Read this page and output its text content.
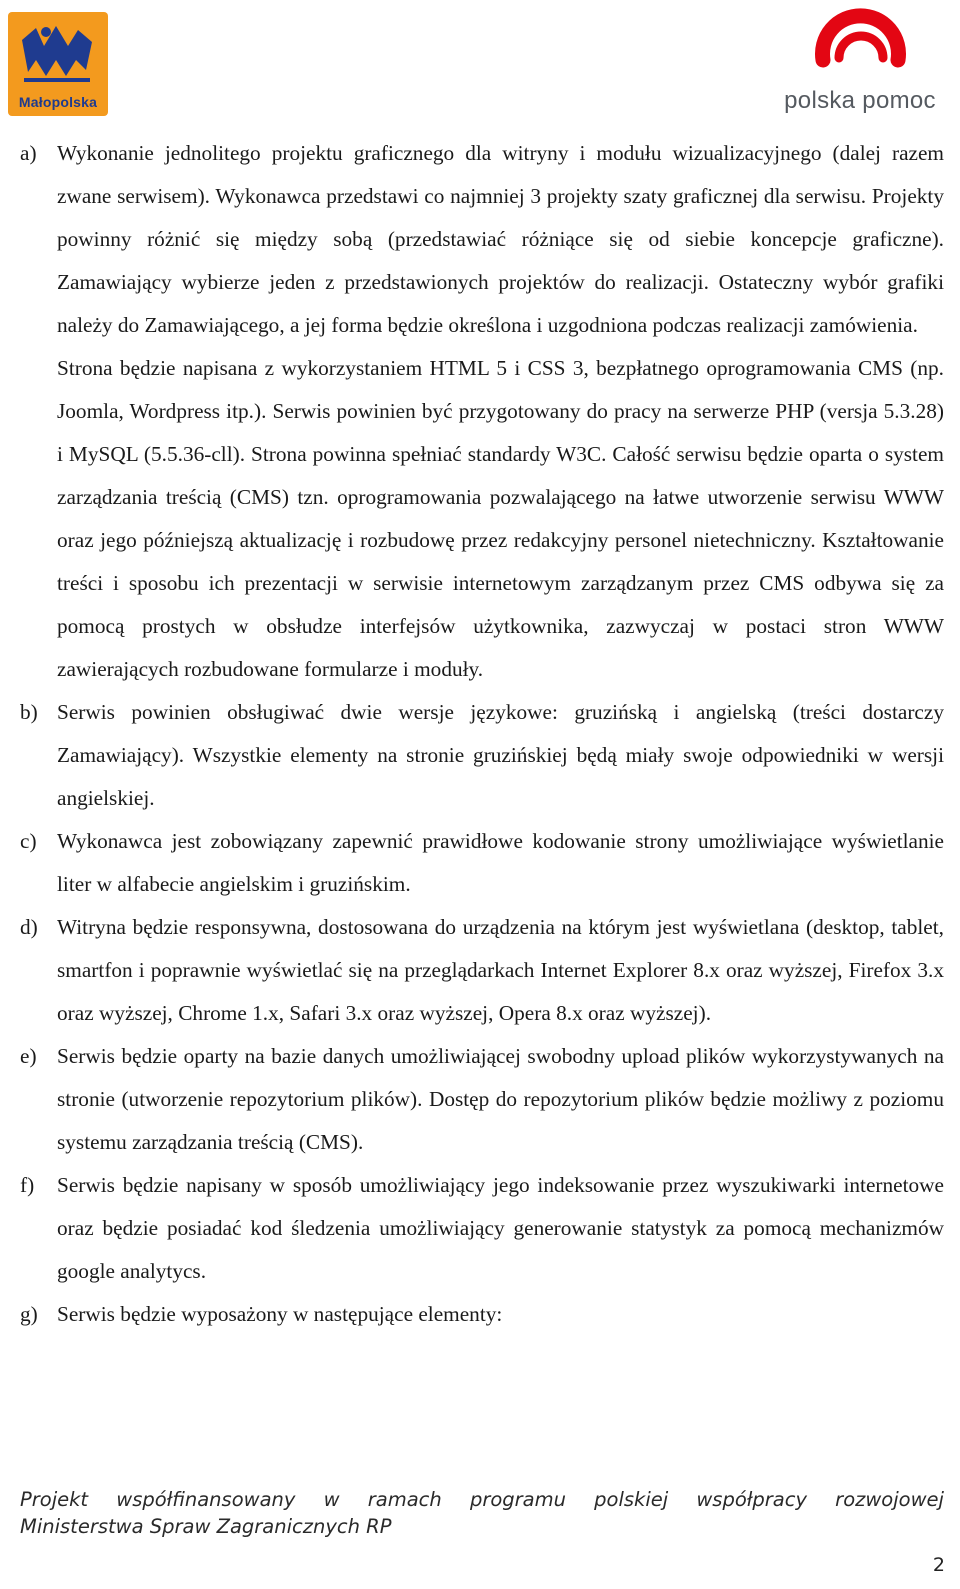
Małopolska	polska pomoc
a) Wykonanie jednolitego projektu graficznego dla witryny i modułu wizualizacyjnego (dalej razem zwane serwisem). Wykonawca przedstawi co najmniej 3 projekty szaty graficznej dla serwisu. Projekty powinny różnić się między sobą (przedstawiać różniące się od siebie koncepcje graficzne). Zamawiający wybierze jeden z przedstawionych projektów do realizacji. Ostateczny wybór grafiki należy do Zamawiającego, a jej forma będzie określona i uzgodniona podczas realizacji zamówienia.

Strona będzie napisana z wykorzystaniem HTML 5 i CSS 3, bezpłatnego oprogramowania CMS (np. Joomla, Wordpress itp.). Serwis powinien być przygotowany do pracy na serwerze PHP (versja 5.3.28) i MySQL (5.5.36-cll). Strona powinna spełniać standardy W3C. Całość serwisu będzie oparta o system zarządzania treścią (CMS) tzn. oprogramowania pozwalającego na łatwe utworzenie serwisu WWW oraz jego późniejszą aktualizację i rozbudowę przez redakcyjny personel nietechniczny. Kształtowanie treści i sposobu ich prezentacji w serwisie internetowym zarządzanym przez CMS odbywa się za pomocą prostych w obsłudze interfejsów użytkownika, zazwyczaj w postaci stron WWW zawierających rozbudowane formularze i moduły.

b) Serwis powinien obsługiwać dwie wersje językowe: gruzińską i angielską (treści dostarczy Zamawiający). Wszystkie elementy na stronie gruzińskiej będą miały swoje odpowiedniki w wersji angielskiej.

c) Wykonawca jest zobowiązany zapewnić prawidłowe kodowanie strony umożliwiające wyświetlanie liter w alfabecie angielskim i gruzińskim.

d) Witryna będzie responsywna, dostosowana do urządzenia na którym jest wyświetlana (desktop, tablet, smartfon i poprawnie wyświetlać się na przeglądarkach Internet Explorer 8.x oraz wyższej, Firefox 3.x oraz wyższej, Chrome 1.x, Safari 3.x oraz wyższej, Opera 8.x oraz wyższej).

e) Serwis będzie oparty na bazie danych umożliwiającej swobodny upload plików wykorzystywanych na stronie (utworzenie repozytorium plików). Dostęp do repozytorium plików będzie możliwy z poziomu systemu zarządzania treścią (CMS).

f) Serwis będzie napisany w sposób umożliwiający jego indeksowanie przez wyszukiwarki internetowe oraz będzie posiadać kod śledzenia umożliwiający generowanie statystyk za pomocą mechanizmów google analytycs.

g) Serwis będzie wyposażony w następujące elementy:

Projekt współfinansowany w ramach programu polskiej współpracy rozwojowej
Ministerstwa Spraw Zagranicznych RP
2
